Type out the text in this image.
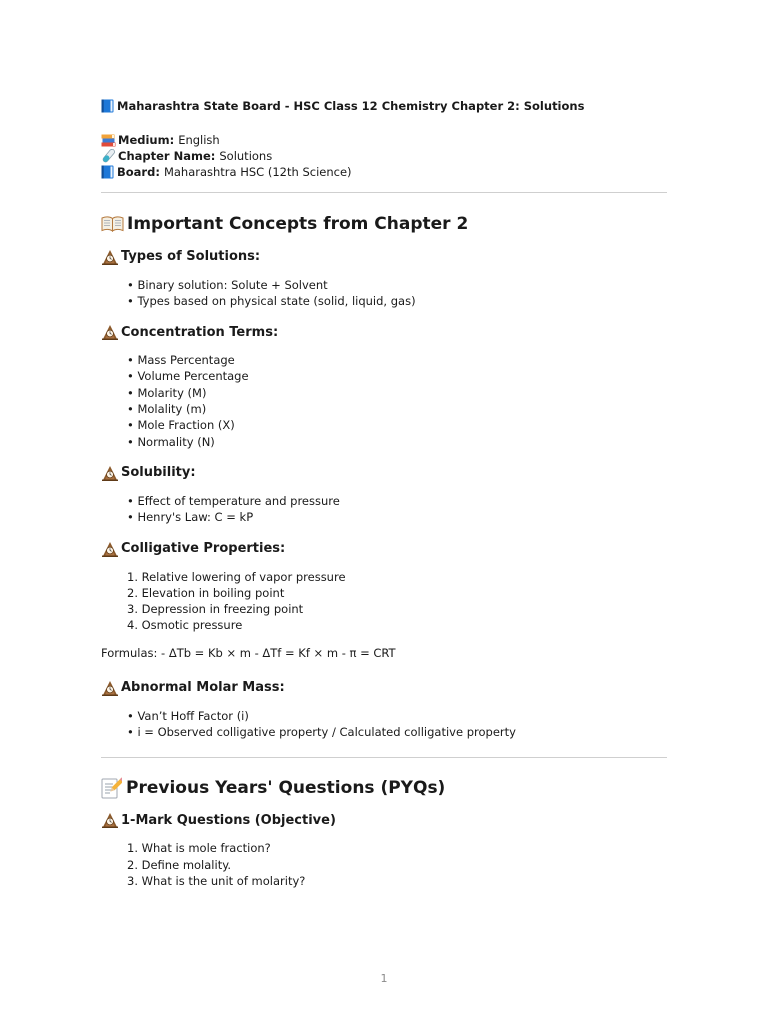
Maharashtra State Board - HSC Class 12 Chemistry Chapter 2: Solutions
Medium: English
Chapter Name: Solutions
Board: Maharashtra HSC (12th Science)
Important Concepts from Chapter 2
Types of Solutions:
• Binary solution: Solute + Solvent
• Types based on physical state (solid, liquid, gas)
Concentration Terms:
• Mass Percentage
• Volume Percentage
• Molarity (M)
• Molality (m)
• Mole Fraction (X)
• Normality (N)
Solubility:
• Effect of temperature and pressure
• Henry's Law: C = kP
Colligative Properties:
1. Relative lowering of vapor pressure
2. Elevation in boiling point
3. Depression in freezing point
4. Osmotic pressure
Formulas: - ΔTb = Kb × m - ΔTf = Kf × m - π = CRT
Abnormal Molar Mass:
• Van’t Hoff Factor (i)
• i = Observed colligative property / Calculated colligative property
Previous Years' Questions (PYQs)
1-Mark Questions (Objective)
1. What is mole fraction?
2. Define molality.
3. What is the unit of molarity?
1
